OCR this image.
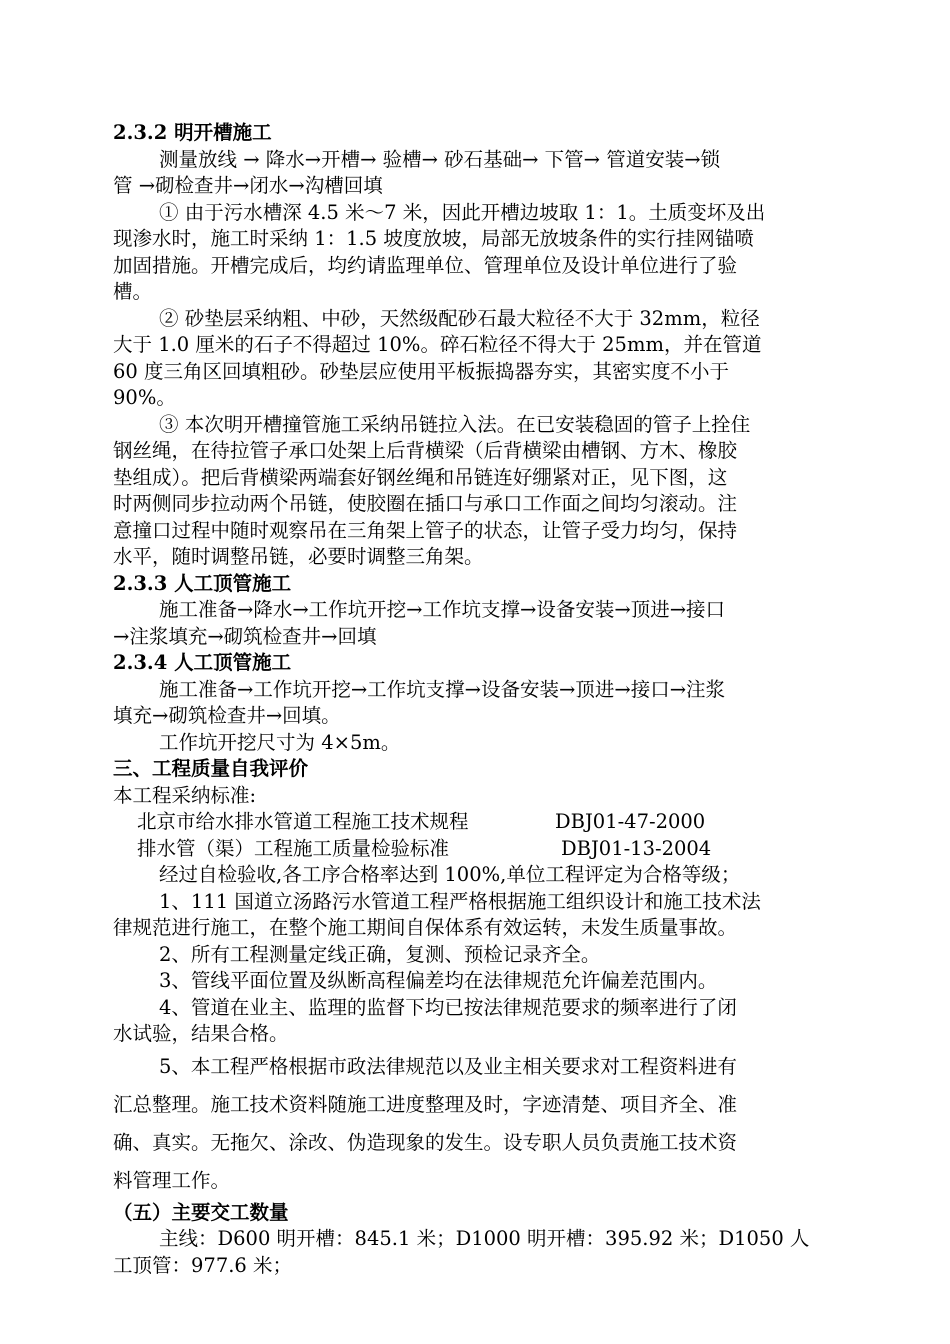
2.3.2 明开槽施工
测量放线 → 降水→开槽→ 验槽→ 砂石基础→ 下管→ 管道安装→锁
管 →砌检查井→闭水→沟槽回填
① 由于污水槽深 4.5 米～7 米，因此开槽边坡取 1：1。土质变坏及出
现渗水时，施工时采纳 1：1.5 坡度放坡，局部无放坡条件的实行挂网锚喷
加固措施。开槽完成后，均约请监理单位、管理单位及设计单位进行了验
槽。
② 砂垫层采纳粗、中砂，天然级配砂石最大粒径不大于 32mm，粒径
大于 1.0 厘米的石子不得超过 10%。碎石粒径不得大于 25mm，并在管道
60 度三角区回填粗砂。砂垫层应使用平板振捣器夯实，其密实度不小于
90%。
③ 本次明开槽撞管施工采纳吊链拉入法。在已安装稳固的管子上拴住
钢丝绳，在待拉管子承口处架上后背横梁（后背横梁由槽钢、方木、橡胶
垫组成）。把后背横梁两端套好钢丝绳和吊链连好绷紧对正，见下图，这
时两侧同步拉动两个吊链，使胶圈在插口与承口工作面之间均匀滚动。注
意撞口过程中随时观察吊在三角架上管子的状态，让管子受力均匀，保持
水平，随时调整吊链，必要时调整三角架。
2.3.3 人工顶管施工
施工准备→降水→工作坑开挖→工作坑支撑→设备安装→顶进→接口
→注浆填充→砌筑检查井→回填
2.3.4 人工顶管施工
施工准备→工作坑开挖→工作坑支撑→设备安装→顶进→接口→注浆
填充→砌筑检查井→回填。
工作坑开挖尺寸为 4×5m。
三、工程质量自我评价
本工程采纳标准:
北京市给水排水管道工程施工技术规程	DBJ01-47-2000
排水管（渠）工程施工质量检验标准	DBJ01-13-2004
经过自检验收,各工序合格率达到 100%,单位工程评定为合格等级；
1、111 国道立汤路污水管道工程严格根据施工组织设计和施工技术法
律规范进行施工，在整个施工期间自保体系有效运转，未发生质量事故。
2、所有工程测量定线正确，复测、预检记录齐全。
3、管线平面位置及纵断高程偏差均在法律规范允许偏差范围内。
4、管道在业主、监理的监督下均已按法律规范要求的频率进行了闭
水试验，结果合格。
5、本工程严格根据市政法律规范以及业主相关要求对工程资料进有
汇总整理。施工技术资料随施工进度整理及时，字迹清楚、项目齐全、准
确、真实。无拖欠、涂改、伪造现象的发生。设专职人员负责施工技术资
料管理工作。
（五）主要交工数量
主线：D600 明开槽：845.1 米；D1000 明开槽：395.92 米；D1050 人
工顶管：977.6 米；
